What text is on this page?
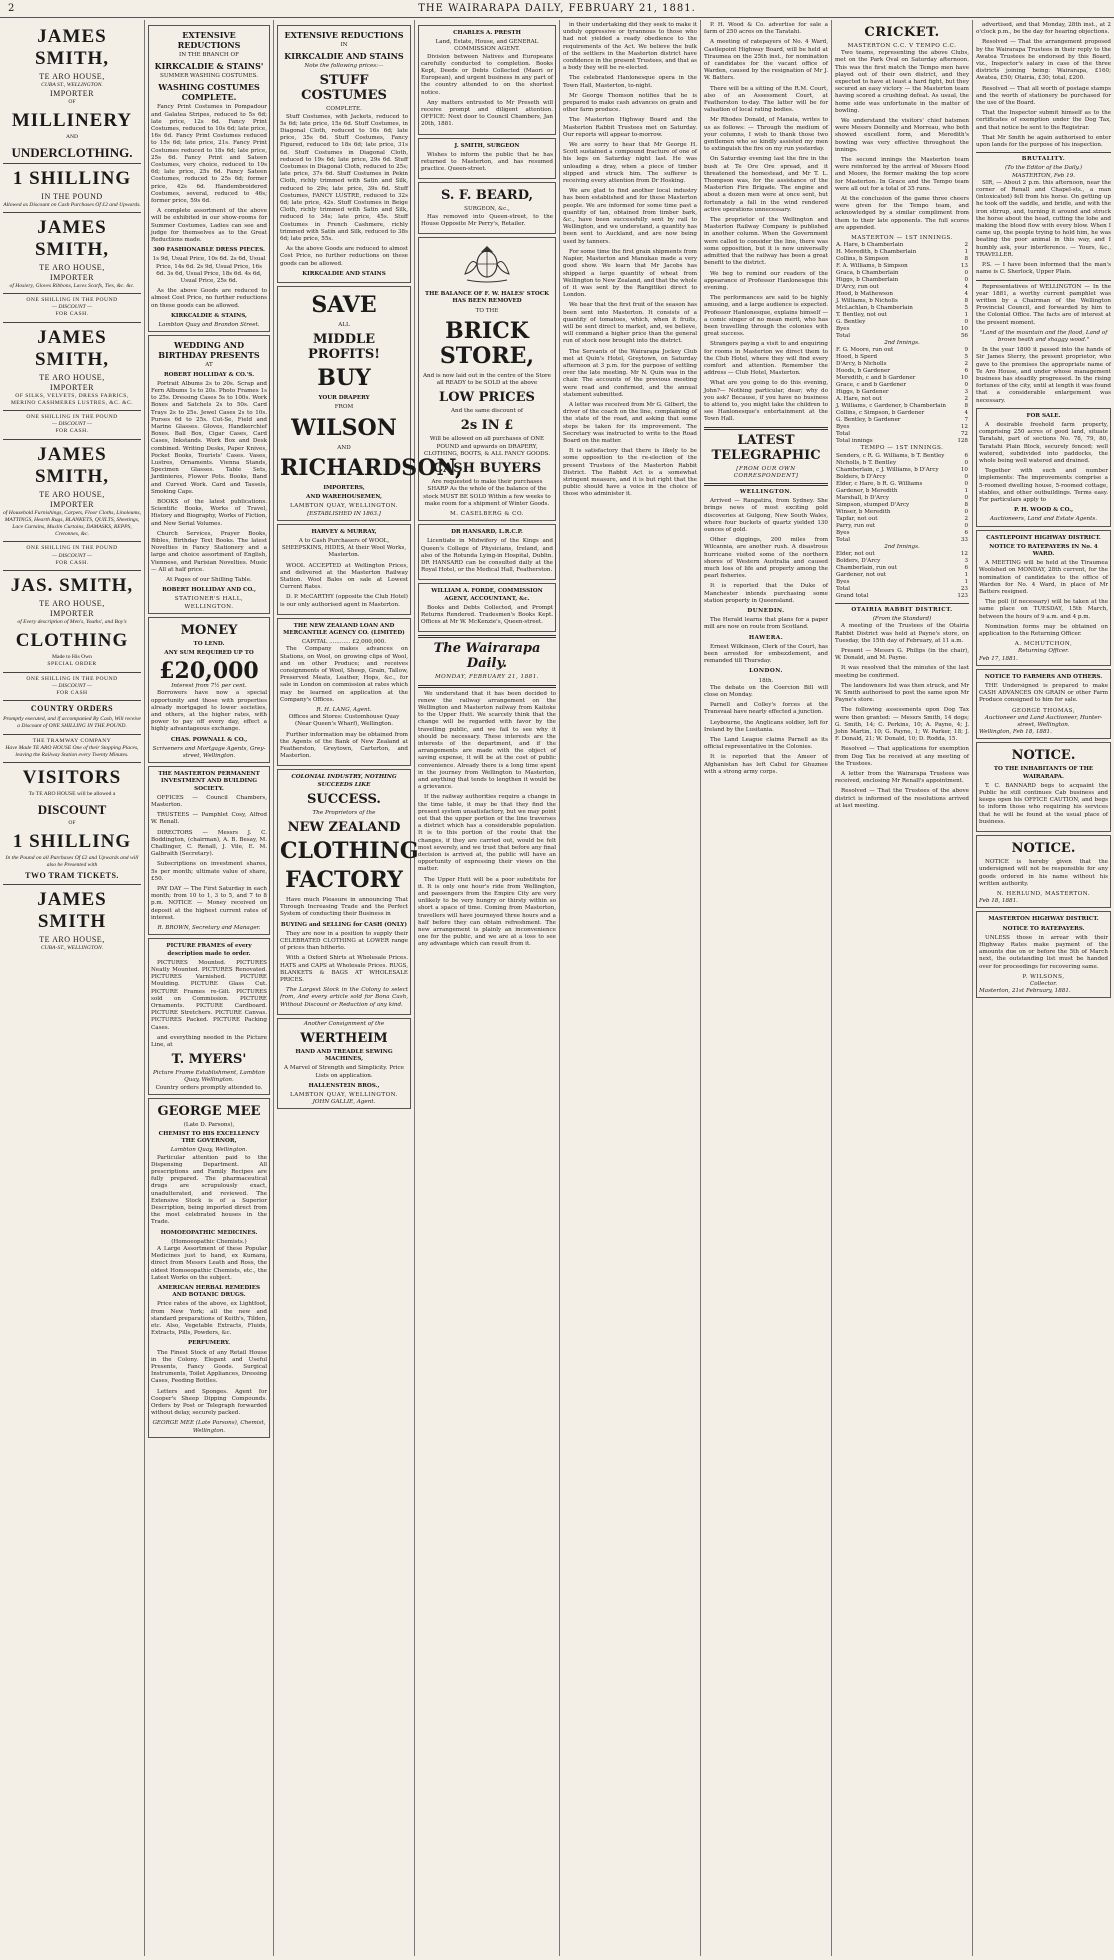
2	THE WAIRARAPA DAILY, FEBRUARY 21, 1881.
JAMES SMITH,
TE ARO HOUSE,
CUBA ST., WELLINGTON.
IMPORTER
OF
MILLINERY
AND
UNDERCLOTHING.
1 SHILLING
IN THE POUND
Allowed as Discount on Cash Purchases Of £2 and Upwards.
JAMES SMITH,
TE ARO HOUSE,
IMPORTER
of Hosiery, Gloves Ribbons, Laces Scarfs, Ties, &c. &c.
ONE SHILLING IN THE POUND
— DISCOUNT —
FOR CASH.
JAMES SMITH,
TE ARO HOUSE,
IMPORTER
OF SILKS, VELVETS, DRESS FABRICS, MERINO CASHMERES LUSTRES, &C. &C.
ONE SHILLING IN THE POUND
— DISCOUNT —
FOR CASH.
JAMES SMITH,
TE ARO HOUSE,
IMPORTER
of Household Furnishings, Carpets, Floor Cloths, Linoleums, MATTINGS, Hearth Rugs, BLANKETS, QUILTS, Sheetings, Lace Curtains, Muslin Curtains, DAMASKS, REPPS, Cretonnes, &c.
ONE SHILLING IN THE POUND
— DISCOUNT —
FOR CASH.
JAS. SMITH,
TE ARO HOUSE,
IMPORTER
of Every description of Men's, Youths', and Boy's
CLOTHING
Made to His Own
SPECIAL ORDER
ONE SHILLING IN THE POUND
— DISCOUNT —
FOR CASH
COUNTRY ORDERS
Promptly executed, and if accompanied By Cash, Will receive a Discount of ONE SHILLING IN THE POUND.
THE TRAMWAY COMPANY
Have Made TE ARO HOUSE One of their Stopping Places, leaving the Railway Station every Twenty Minutes.
VISITORS
To TE ARO HOUSE will be allowed a
DISCOUNT
OF
1 SHILLING
In the Pound on all Purchases Of £2 and Upwards and will also be Presented with
TWO TRAM TICKETS.
JAMES SMITH
TE ARO HOUSE,
CUBA-ST., WELLINGTON.
EXTENSIVE REDUCTIONS
IN THE BRANCH OF
KIRKCALDIE & STAINS'
SUMMER WASHING COSTUMES.
WASHING COSTUMES COMPLETE.
Fancy Print Costumes in Pompadour and Galatea Stripes, reduced to 5s 6d; late price, 12s 6d. Fancy Print Costumes, reduced to 10s 6d; late price, 16s 6d. Fancy Print Costumes reduced to 15s 6d; late price, 21s. Fancy Print Costumes reduced to 18s 6d; late price, 25s 6d. Fancy Print and Sateen Costumes, very choice, reduced to 19s 6d; late price, 25s 6d. Fancy Sateen Costumes, reduced to 25s 6d; former price, 42s 6d. Handembroidered Costumes, several, reduced to 46s; former price, 59s 6d.
A complete assortment of the above will be exhibited in our show-rooms for Summer Costumes, Ladies can see and judge for themselves as to the Great Reductions made.
300 FASHIONABLE DRESS PIECES.
1s 9d, Usual Price, 10s 6d. 2s 6d, Usual Price, 14s 6d. 2s 9d, Usual Price, 16s 6d. 3s 6d, Usual Price, 18s 6d. 4s 6d, Usual Price, 25s 6d.
As the above Goods are reduced to almost Cost Price, no further reductions on these goods can be allowed.
KIRKCALDIE & STAINS,
Lambton Quay and Brandon Street.
WEDDING AND BIRTHDAY PRESENTS
AT
ROBERT HOLLIDAY & CO.'S.
Portrait Albums 2s to 20s. Scrap and Fern Albums 1s to 20s. Photo Frames 1s to 25s. Dressing Cases 5s to 100s. Work Boxes and Satchels 2s to 50s. Card Trays 2s to 25s. Jewel Cases 2s to 10s. Purses 6d to 25s. Cut-Se, Field and Marine Glasses. Gloves, Handkerchief Boxes. Ball Box, Cigar Cases, Card Cases, Inkstands. Work Box and Desk combined. Writing Desks, Paper Knives, Pocket Books, Tourists' Cases. Vases, Lustres, Ornaments. Vienna Stands, Specimen Glasses. Table Sets, Jardinieres, Flower Pots. Books, Band and Curved Work. Card and Tassels, Smoking Caps.
BOOKS of the latest publications. Scientific Books, Works of Travel, History and Biography, Works of Fiction, and New Serial Volumes.
Church Services, Prayer Books, Bibles, Birthday Text Books. The latest Novelties in Fancy Stationery and a large and choice assortment of English, Viennese, and Parisian Novelties. Music — All at half price.
At Pages of our Shilling Table.
ROBERT HOLLIDAY AND CO.,
STATIONER'S HALL, WELLINGTON.
MONEY
TO LEND.
ANY SUM REQUIRED UP TO
£20,000
Interest from 7½ per cent.
Borrowers have now a special opportunity and those with properties already mortgaged to lower societies, and others, at the higher rates, with power to pay off every day, effect a highly advantageous exchange.
CHAS. POWNALL & CO.,
Scriveners and Mortgage Agents, Grey-street, Wellington.
THE MASTERTON PERMANENT INVESTMENT AND BUILDING SOCIETY.
OFFICES — Council Chambers, Masterton.
TRUSTEES — Pamphlet Cosy, Alfred W. Renall.
DIRECTORS — Messrs J. C. Boddington, (chairman), A. B. Besay, M. Challinger, C. Renall, J. Vile, E. M. Galbraith (Secretary).
Subscriptions on investment shares, 5s per month; ultimate value of share, £50.
PAY DAY — The First Saturday in each month; from 10 to 1, 3 to 5, and 7 to 8 p.m. NOTICE — Money received on deposit at the highest current rates of interest.
R. BROWN, Secretary and Manager.
PICTURE FRAMES of every description made to order.
PICTURES Mounted. PICTURES Neatly Mounted. PICTURES Renovated. PICTURES Varnished. PICTURE Moulding. PICTURE Glass Cut. PICTURE Frames re-Gilt. PICTURES sold on Commission. PICTURE Ornaments. PICTURE Cardboard. PICTURE Stretchers. PICTURE Canvas. PICTURES Packed. PICTURE Packing Cases.
and everything needed in the Picture Line, at
T. MYERS'
Picture Frame Establishment, Lambton Quay, Wellington.
Country orders promptly attended to.
GEORGE MEE
(Late D. Parsons),
CHEMIST TO HIS EXCELLENCY THE GOVERNOR,
Lambton Quay, Wellington.
Particular attention paid to the Dispensing Department. All prescriptions and Family Recipes are fully prepared. The pharmaceutical drugs are scrupulously exact, unadulterated, and reviewed. The Extensive Stock is of a Superior Description, being imported direct from the most celebrated houses in the Trade.
HOMOEOPATHIC MEDICINES.
(Homoeopathic Chemists.)
A Large Assortment of these Popular Medicines just to hand, ex Kumara, direct from Messrs Leath and Ross, the oldest Homoeopathic Chemists, etc., the Latest Works on the subject.
AMERICAN HERBAL REMEDIES AND BOTANIC DRUGS.
Price rates of the above, ex Lightfoot, from New York; all the new and standard preparations of Keith's, Tilden, etc. Also, Vegetable Extracts, Fluids, Extracts, Pills, Powders, &c.
PERFUMERY.
The Finest Stock of any Retail House in the Colony. Elegant and Useful Presents, Fancy Goods. Surgical Instruments, Toilet Appliances, Dressing Cases, Feeding Bottles.
Letters and Sponges. Agent for Cooper's Sheep Dipping Compounds. Orders by Post or Telegraph forwarded without delay, securely packed.
GEORGE MEE (Late Parsons), Chemist, Wellington.
EXTENSIVE REDUCTIONS
IN
KIRKCALDIE AND STAINS
Note the following prices:—
STUFF COSTUMES
COMPLETE.
Stuff Costumes, with Jackets, reduced to 5s 6d; late price, 15s 6d. Stuff Costumes, in Diagonal Cloth, reduced to 16s 6d; late price, 35s 6d. Stuff Costumes, Fancy Figured, reduced to 18s 6d; late price, 31s 6d. Stuff Costumes in Diagonal Cloth, reduced to 19s 6d; late price, 29s 6d. Stuff Costumes in Diagonal Cloth, reduced to 25s; late price, 37s 6d. Stuff Costumes in Pekin Cloth, richly trimmed with Satin and Silk, reduced to 29s; late price, 39s 6d. Stuff Costumes, FANCY LUSTRE, reduced to 32s 6d; late price, 42s. Stuff Costumes in Beige Cloth, richly trimmed with Satin and Silk, reduced to 34s; late price, 45s. Stuff Costumes in French Cashmere, richly trimmed with Satin and Silk, reduced to 38s 6d; late price, 55s.
As the above Goods are reduced to almost Cost Price, no further reductions on these goods can be allowed.
KIRKCALDIE AND STAINS
SAVE
ALL
MIDDLE PROFITS!
BUY
YOUR DRAPERY
FROM
WILSON
AND
RICHARDSON,
IMPORTERS,
AND WAREHOUSEMEN,
LAMBTON QUAY, WELLINGTON.
[ESTABLISHED IN 1863.]
HARVEY & MURRAY,
A to Cash Purchasers of WOOL, SHEEPSKINS, HIDES, At their Wool Works, Masterton.
WOOL ACCEPTED at Wellington Prices, and delivered at the Masterton Railway Station. Wool Bales on sale at Lowest Current Rates.
D. P. McCARTHY (opposite the Club Hotel) is our only authorised agent in Masterton.
THE NEW ZEALAND LOAN AND MERCANTILE AGENCY CO. (LIMITED)
CAPITAL ............ £2,000,000.
The Company makes advances on Stations, on Wool, on growing clips of Wool, and on other Produce; and receives consignments of Wool, Sheep, Grain, Tallow, Preserved Meats, Leather, Hops, &c., for sale in London on commission at rates which may be learned on application at the Company's Offices.
R. H. LANG, Agent.
Offices and Stores: Customhouse Quay (Near Queen's Wharf), Wellington.
Further information may be obtained from the Agents of the Bank of New Zealand at Featherston, Greytown, Carterton, and Masterton.
COLONIAL INDUSTRY, NOTHING SUCCEEDS LIKE
SUCCESS.
The Proprietors of the
NEW ZEALAND
CLOTHING
FACTORY
Have much Pleasure in announcing That Through Increasing Trade and the Perfect System of conducting their Business in
BUYING and SELLING for CASH (ONLY)
They are now in a position to supply their CELEBRATED CLOTHING at LOWER range of prices than hitherto.
With a Oxford Shirts at Wholesale Prices. HATS and CAPS at Wholesale Prices. RUGS, BLANKETS & BAGS AT WHOLESALE PRICES.
The Largest Stock in the Colony to select from, And every article sold for Bona Cash, Without Discount or Reduction of any kind.
Another Consignment of the
WERTHEIM
HAND AND TREADLE SEWING MACHINES,
A Marvel of Strength and Simplicity. Price Lists on application.
HALLENSTEIN BROS.,
LAMBTON QUAY, WELLINGTON.
JOHN GALLIE, Agent.
CHARLES A. PRESTH
Land, Estate, House, and GENERAL COMMISSION AGENT.
Division between Natives and Europeans carefully conducted to completion. Books Kept, Deeds or Debts Collected (Maori or European), and urgent business in any part of the country attended to on the shortest notice.
Any matters entrusted to Mr Preseth will receive prompt and diligent attention. OFFICE: Next door to Council Chambers, Jan 20th, 1881.
J. SMITH, SURGEON
Wishes to inform the public that he has returned to Masterton, and has resumed practice. Queen-street.
S. F. BEARD,
SURGEON, &c.,
Has removed into Queen-street, to the House Opposite Mr Perry's, Retailer.
THE BALANCE OF F. W. HALES' STOCK HAS BEEN REMOVED
TO THE
BRICK STORE,
And is now laid out in the centre of the Store all READY to be SOLD at the above
LOW PRICES
And the same discount of
2s IN £
Will be allowed on all purchases of ONE POUND and upwards on DRAPERY, CLOTHING, BOOTS, & ALL FANCY GOODS.
CASH BUYERS
Are requested to make their purchases SHARP As the whole of the balance of the stock MUST BE SOLD Within a few weeks to make room for a shipment of Winter Goods.
M. CASELBERG & CO.
DR HANSARD, L.R.C.P.
Licentiate in Midwifery of the Kings and Queen's College of Physicians, Ireland, and also of the Rotunda Lying-in Hospital, Dublin. DR HANSARD can be consulted daily at the Royal Hotel, or the Medical Hall, Featherston.
WILLIAM A. FORDE, COMMISSION AGENT, ACCOUNTANT, &c.
Books and Debts Collected, and Prompt Returns Rendered. Tradesmen's Books Kept. Offices at Mr W. McKenzie's, Queen-street.
The Wairarapa Daily.
MONDAY, FEBRUARY 21, 1881.
We understand that it has been decided to renew the railway arrangement on the Wellington and Masterton railway from Kaitoke to the Upper Hutt. We scarcely think that the change will be regarded with favor by the travelling public, and we fail to see why it should be necessary. These interests are the interests of the department, and if the arrangements are made with the object of saving expense, it will be at the cost of public convenience. Already there is a long time spent in the journey from Wellington to Masterton, and anything that tends to lengthen it would be a grievance.
If the railway authorities require a change in the time table, it may be that they find the present system unsatisfactory, but we may point out that the upper portion of the line traverses a district which has a considerable population. It is to this portion of the route that the changes, if they are carried out, would be felt most severely, and we trust that before any final decision is arrived at, the public will have an opportunity of expressing their views on the matter.
The Upper Hutt will be a poor substitute for it. It is only one hour's ride from Wellington, and passengers from the Empire City are very unlikely to be very hungry or thirsty within so short a space of time. Coming from Masterton, travellers will have journeyed three hours and a half before they can obtain refreshment. The new arrangement is plainly an inconvenience one for the public, and we are at a loss to see any advantage which can result from it.
in their undertaking did they seek to make it unduly oppressive or tyrannous to those who had not yielded a ready obedience to the requirements of the Act. We believe the bulk of the settlers in the Masterton district have confidence in the present Trustees, and that as a body they will be re-elected.
The celebrated Hanlonesque opera in the Town Hall, Masterton, to-night.
Mr George Thomson notifies that he is prepared to make cash advances on grain and other farm produce.
The Masterton Highway Board and the Masterton Rabbit Trustees met on Saturday. Our reports will appear to-morrow.
We are sorry to hear that Mr George H. Scott sustained a compound fracture of one of his legs on Saturday night last. He was unloading a dray, when a piece of timber slipped and struck him. The sufferer is receiving every attention from Dr Hosking.
We are glad to find another local industry has been established and for these Masterton people. We are informed for some time past a quantity of tan, obtained from timber bark, &c., have been successfully sent by rail to Wellington, and we understand, a quantity has been sent to Auckland, and are now being used by tanners.
For some time the first grain shipments from Napier, Masterton and Manukau made a very good show. We learn that Mr Jacobs has shipped a large quantity of wheat from Wellington to New Zealand, and that the whole of it was sent by the Rangitikei direct to London.
We hear that the first fruit of the season has been sent into Masterton. It consists of a quantity of tomatoes, which, when it fruits, will be sent direct to market, and, we believe, will command a higher price than the general run of stock now brought into the district.
The Servants of the Wairarapa Jockey Club met at Quin's Hotel, Greytown, on Saturday afternoon at 3 p.m. for the purpose of settling over the late meeting. Mr N. Quin was in the chair. The accounts of the previous meeting were read and confirmed, and the annual statement submitted.
A letter was received from Mr G. Gilbert, the driver of the coach on the line, complaining of the state of the road, and asking that some steps be taken for its improvement. The Secretary was instructed to write to the Road Board on the matter.
It is satisfactory that there is likely to be some opposition to the re-election of the present Trustees of the Masterton Rabbit District. The Rabbit Act is a somewhat stringent measure, and it is but right that the public should have a voice in the choice of those who administer it.
P. H. Wood & Co. advertise for sale a farm of 250 acres on the Taratahi.
A meeting of ratepayers of No. 4 Ward, Castlepoint Highway Board, will be held at Tiraumea on the 25th inst., for nomination of candidates for the vacant office of Warden, caused by the resignation of Mr J. W. Batters.
There will be a sitting of the R.M. Court, also of an Assessment Court, at Featherston to-day. The latter will be for valuation of local rating bodies.
Mr Rhodes Donald, of Manaia, writes to us as follows: — Through the medium of your columns, I wish to thank those two gentlemen who so kindly assisted my men to extinguish the fire on my run yesterday.
On Saturday evening last the fire in the bush at Te Ore Ore spread, and it threatened the homestead, and Mr T. L. Thompson was, for the assistance of the Masterton Fire Brigade. The engine and about a dozen men were at once sent, but fortunately a fall in the wind rendered active operations unnecessary.
The proprietor of the Wellington and Masterton Railway Company is published in another column. When the Government were called to consider the line, there was some opposition, but it is now universally admitted that the railway has been a great benefit to the district.
We beg to remind our readers of the appearance of Professor Hanlonesque this evening.
The performances are said to be highly amusing, and a large audience is expected. Professor Hanlonesque, explains himself — a comic singer of no mean merit, who has been travelling through the colonies with great success.
Strangers paying a visit to and enquiring for rooms in Masterton we direct them to the Club Hotel, where they will find every comfort and attention. Remember the address — Club Hotel, Masterton.
What are you going to do this evening, John?— Nothing particular, dear; why do you ask? Because, if you have no business to attend to, you might take the children to see Hanlonesque's entertainment at the Town Hall.
LATEST TELEGRAPHIC
[FROM OUR OWN CORRESPONDENT]
WELLINGTON.
Arrived — Rangatira, from Sydney. She brings news of most exciting gold discoveries at Gulgong, New South Wales, where four buckets of quartz yielded 130 ounces of gold.
Other diggings, 200 miles from Wilcannia, are another rush. A disastrous hurricane visited some of the northern shores of Western Australia and caused much loss of life and property among the pearl fisheries.
It is reported that the Duke of Manchester intends purchasing some station property in Queensland.
DUNEDIN.
The Herald learns that plans for a paper mill are now on route from Scotland.
HAWERA.
Ernest Wilkinson, Clerk of the Court, has been arrested for embezzlement, and remanded till Thursday.
LONDON.
18th.
The debate on the Coercion Bill will close on Monday.
Parnell and Colley's forces at the Transvaal have nearly effected a junction.
Leybourne, the Anglicans soldier, left for Ireland by the Lusitania.
The Land League claims Parnell as its official representative in the Colonies.
It is reported that the Ameer of Afghanistan has left Cabul for Ghuznee with a strong army corps.
CRICKET.
MASTERTON C.C. V TEMPO C.C.
Two teams, representing the above Clubs, met on the Park Oval on Saturday afternoon. This was the first match the Tempo men have played out of their own district, and they expected to have at least a hard fight, but they secured an easy victory — the Masterton team having scored a crushing defeat. As usual, the home side was unfortunate in the matter of bowling.
We understand the visitors' chief batsmen were Messrs Donnelly and Morreau, who both showed excellent form, and Meredith's bowling was very effective throughout the innings.
The second innings the Masterton team were reinforced by the arrival of Messrs Hood and Moore, the former making the top score for Masterton. In Grace and the Tempo team were all out for a total of 35 runs.
At the conclusion of the game three cheers were given for the Tempo team, and acknowledged by a similar compliment from them to their late opponents. The full scores are appended.
MASTERTON — 1ST INNINGS.
A. Hare, b Chamberlain	2
H. Meredith, b Chamberlain	1
Collins, b Simpson	8
F. A. Williams, b Simpson	13
Graca, b Chamberlain	0
Higgs, b Chamberlain	0
D'Arcy, run out	4
Hood, b Mathewson	4
J. Williams, b Nicholls	8
McLachlan, b Chamberlain	5
T. Bentley, not out	1
G. Bentley	0
Byes	10
Total	56
2nd Innings.
F. G. Moore, run out	9
Hood, b Sperd	5
D'Arcy, b Nicholls	2
Hoods, b Gardener	6
Meredith, c and b Gardener	10
Grace, c and b Gardener	0
Higgs, b Gardener	3
A. Hare, not out	2
J. Williams, c Gardener, b Chamberlain	8
Collins, c Simpson, b Gardener	4
G. Bentley, b Gardener	7
Byes	12
Total	72
Total innings	128
TEMPO — 1ST INNINGS.
Senders, c R. G. Williams, b T. Bentley	6
Nicholls, b T. Bentley	0
Chamberlain, c J. Williams, b D'Arcy	10
Bolders, b D'Arcy	0
Elder, c Hare, b R. G. Williams	0
Gardener, b Meredith	1
Marshall, b D'Arcy	0
Simpson, stumped D'Arcy	8
Winser, b Meredith	0
Tapfar, not out	2
Parry, run out	0
Byes	6
Total	33
2nd Innings.
Elder, not out	12
Bolders, D'Arcy	3
Chamberlain, run out	6
Gardener, not out	1
Byes	1
Total	23
Grand total	123
OTAIRIA RABBIT DISTRICT.
(From the Standard)
A meeting of the Trustees of the Otairia Rabbit District was held at Payne's store, on Tuesday, the 15th day of February, at 11 a.m.
Present — Messrs G. Philips (in the chair), W. Donald, and M. Payne.
It was resolved that the minutes of the last meeting be confirmed.
The landowners list was then struck, and Mr W. Smith authorised to post the same upon Mr Payne's store.
The following assessments upon Dog Tax were then granted: — Messrs Smith, 14 dogs; G. Smith, 14; C. Perkins, 10; A. Payne, 4; J. John Martin, 10; G. Payne, 1; W. Parker, 18; J. F. Donald, 21; W. Donald, 10; D. Rodda, 15.
Resolved — That applications for exemption from Dog Tax be received at any meeting of the Trustees.
A letter from the Wairarapa Trustees was received, enclosing Mr Renall's appointment.
Resolved — That the Trustees of the above district is informed of the resolutions arrived at last meeting.
advertised, and that Monday, 28th inst., at 2 o'clock p.m., be the day for hearing objections.
Resolved — That the arrangement proposed by the Wairarapa Trustees in their reply to the Awatea Trustees be endorsed by this Board, viz., Inspector's salary in case of the three districts joining being: Wairarapa, £160; Awatea, £50; Otairia, £30; total, £200.
Resolved — That all worth of postage stamps and the worth of stationery be purchased for the use of the Board.
That the Inspector submit himself as to the certificates of exemption under the Dog Tax, and that notice be sent to the Registrar.
That Mr Smith be again authorised to enter upon lands for the purpose of his inspection.
BRUTALITY.
(To the Editor of the Daily.)
MASTERTON, Feb 19.
SIR, — About 2 p.m. this afternoon, near the corner of Renall and Chapel-sts., a man (intoxicated) fell from his horse. On getting up he took off the saddle, and bridle, and with the iron stirrup, and, turning it around and struck the horse about the head, cutting the lobe and making the blood flow with every blow. When I came up, the people trying to hold him, he was beating the poor animal in this way, and I humbly ask, your interference. — Yours, &c., TRAVELLER.
P.S. — I have been informed that the man's name is C. Sherlock, Upper Plain.
Representatives of WELLINGTON — In the year 1881, a worthy current pamphlet was written by a Chairman of the Wellington Provincial Council, and forwarded by him to the Colonial Office. The facts are of interest at the present moment.
"Land of the mountain and the flood, Land of brown heath and shaggy wood."
In the year 1800 it passed into the hands of Sir James Sterry, the present proprietor, who gave to the premises the appropriate name of Te Aro House, and under whose management business has steadily progressed. In the rising fortunes of the city, until at length it was found that a considerable enlargement was necessary.
FOR SALE.
A desirable freehold farm property, comprising 250 acres of good land, situate Taratahi, part of sections No. 78, 79, 80, Taratahi Plain Block, securely fenced; well watered, subdivided into paddocks, the whole being well watered and drained.
Together with such and number implements: The improvements comprise a 5-roomed dwelling house, 5-roomed cottage, stables, and other outbuildings. Terms easy. For particulars apply to
P. H. WOOD & CO.,
Auctioneers, Land and Estate Agents.
CASTLEPOINT HIGHWAY DISTRICT.
NOTICE TO RATEPAYERS IN No. 4 WARD.
A MEETING will be held at the Tiraumea Woolshed on MONDAY, 28th current, for the nomination of candidates to the office of Warden for No. 4 Ward, in place of Mr Batters resigned.
The poll (if necessary) will be taken at the same place on TUESDAY, 15th March, between the hours of 9 a.m. and 4 p.m.
Nomination forms may be obtained on application to the Returning Officer.
A. MCHUTCHON,
Returning Officer.
Feb 17, 1881.
NOTICE TO FARMERS AND OTHERS.
THE Undersigned is prepared to make CASH ADVANCES ON GRAIN or other Farm Produce consigned to him for sale.
GEORGE THOMAS,
Auctioneer and Land Auctioneer, Hunter-street, Wellington.
Wellington, Feb 18, 1881.
NOTICE.
TO THE INHABITANTS OF THE WAIRARAPA.
T. C. BANNARD begs to acquaint the Public he still continues Cab business and keeps open his OFFICE CAUTION, and begs to inform those who requiring his services that he will be found at the usual place of business.
NOTICE.
NOTICE is hereby given that the undersigned will not be responsible for any goods ordered in his name without his written authority.
N. HERLUND, MASTERTON.
Feb 18, 1881.
MASTERTON HIGHWAY DISTRICT.
NOTICE TO RATEPAYERS.
UNLESS those in arrear with their Highway Rates make payment of the amounts due on or before the 5th of March next, the outstanding list must be handed over for proceedings for recovering same.
P. WILSONS,
Collector.
Masterton, 21st February, 1881.
